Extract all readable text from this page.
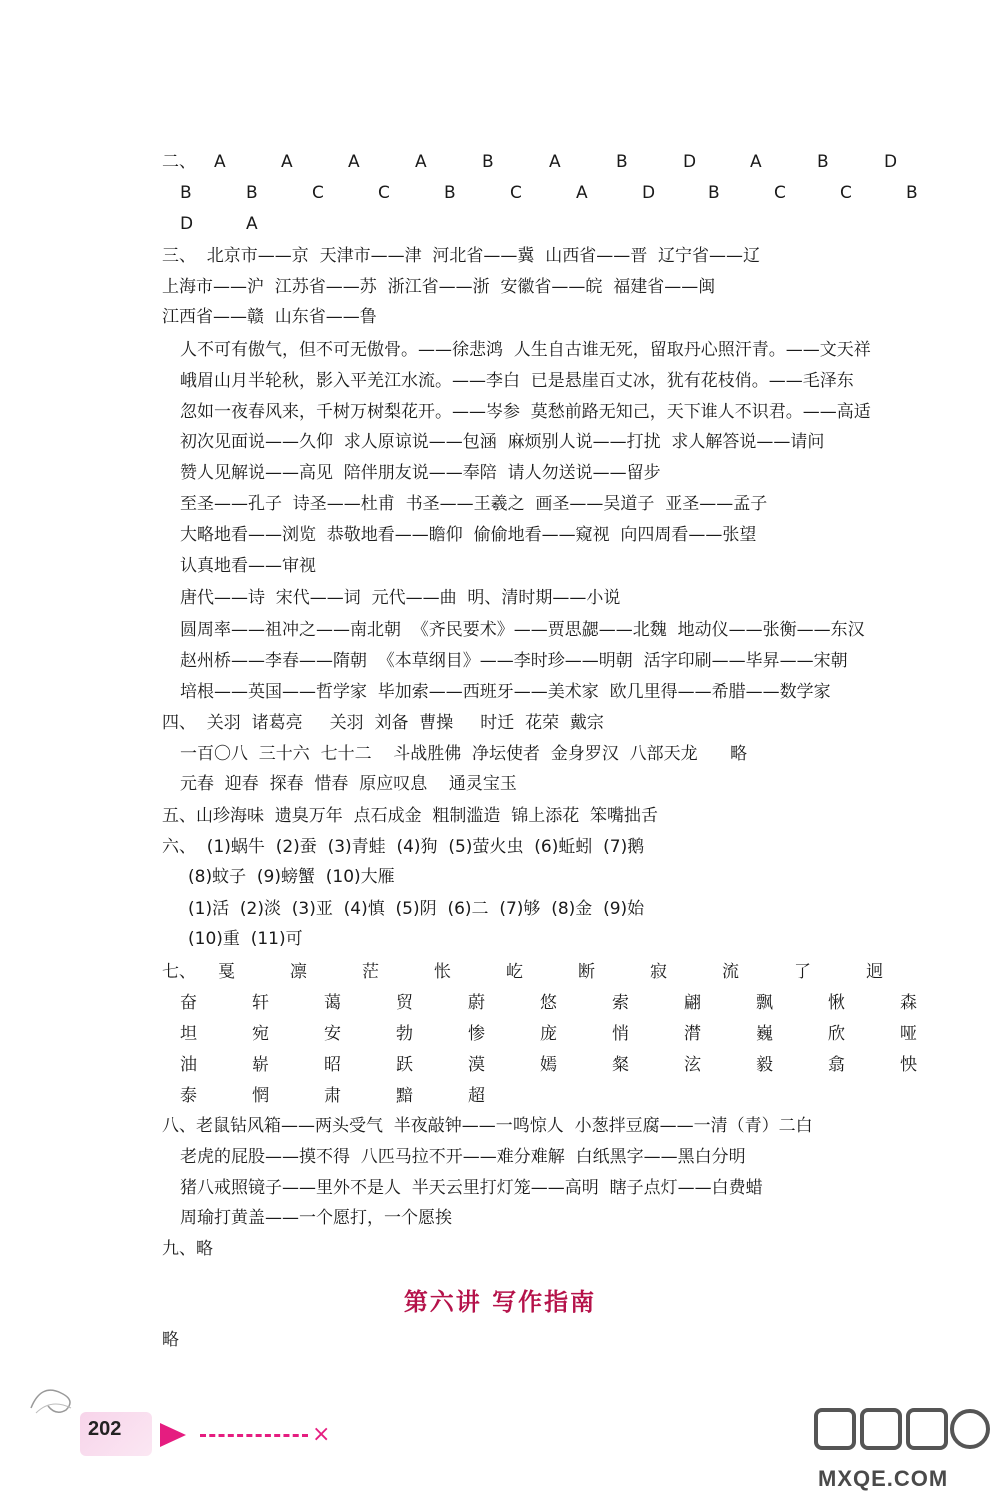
二、 A	A	A	A	B	A	B	D	A	B	D
B	B	C	C	B	C	A	D	B	C	C	B
D	A
三、  北京市——京  天津市——津  河北省——冀  山西省——晋  辽宁省——辽
上海市——沪  江苏省——苏  浙江省——浙  安徽省——皖  福建省——闽
江西省——赣  山东省——鲁
人不可有傲气，但不可无傲骨。——徐悲鸿  人生自古谁无死，留取丹心照汗青。——文天祥
峨眉山月半轮秋，影入平羌江水流。——李白  已是悬崖百丈冰，犹有花枝俏。——毛泽东
忽如一夜春风来，千树万树梨花开。——岑参  莫愁前路无知己，天下谁人不识君。——高适
初次见面说——久仰  求人原谅说——包涵  麻烦别人说——打扰  求人解答说——请问
赞人见解说——高见  陪伴朋友说——奉陪  请人勿送说——留步
至圣——孔子  诗圣——杜甫  书圣——王羲之  画圣——吴道子  亚圣——孟子
大略地看——浏览  恭敬地看——瞻仰  偷偷地看——窥视  向四周看——张望
认真地看——审视
唐代——诗  宋代——词  元代——曲  明、清时期——小说
圆周率——祖冲之——南北朝  《齐民要术》——贾思勰——北魏  地动仪——张衡——东汉
赵州桥——李春——隋朝  《本草纲目》——李时珍——明朝  活字印刷——毕昇——宋朝
培根——英国——哲学家  毕加索——西班牙——美术家  欧几里得——希腊——数学家
四、  关羽  诸葛亮     关羽  刘备  曹操     时迁  花荣  戴宗
一百〇八  三十六  七十二    斗战胜佛  净坛使者  金身罗汉  八部天龙      略
元春  迎春  探春  惜春  原应叹息    通灵宝玉
五、山珍海味  遗臭万年  点石成金  粗制滥造  锦上添花  笨嘴拙舌
六、  (1)蜗牛  (2)蚕  (3)青蛙  (4)狗  (5)萤火虫  (6)蚯蚓  (7)鹅
(8)蚊子  (9)螃蟹  (10)大雁
(1)活  (2)淡  (3)亚  (4)慎  (5)阴  (6)二  (7)够  (8)金  (9)始
(10)重  (11)可
七、 戛	凛	茫	怅	屹	断	寂	流	了	迥
奋	轩	蔼	贸	蔚	悠	索	翩	飘	愀	森
坦	宛	安	勃	惨	庞	悄	潸	巍	欣	哑
油	崭	昭	跃	漠	嫣	粲	泫	毅	翕	怏
泰	惘	肃	黯	超
八、老鼠钻风箱——两头受气  半夜敲钟——一鸣惊人  小葱拌豆腐——一清（青）二白
老虎的屁股——摸不得  八匹马拉不开——难分难解  白纸黑字——黑白分明
猪八戒照镜子——里外不是人  半天云里打灯笼——高明  瞎子点灯——白费蜡
周瑜打黄盖——一个愿打，一个愿挨
九、略
第六讲 写作指南
略
202	×
MXQE.COM
